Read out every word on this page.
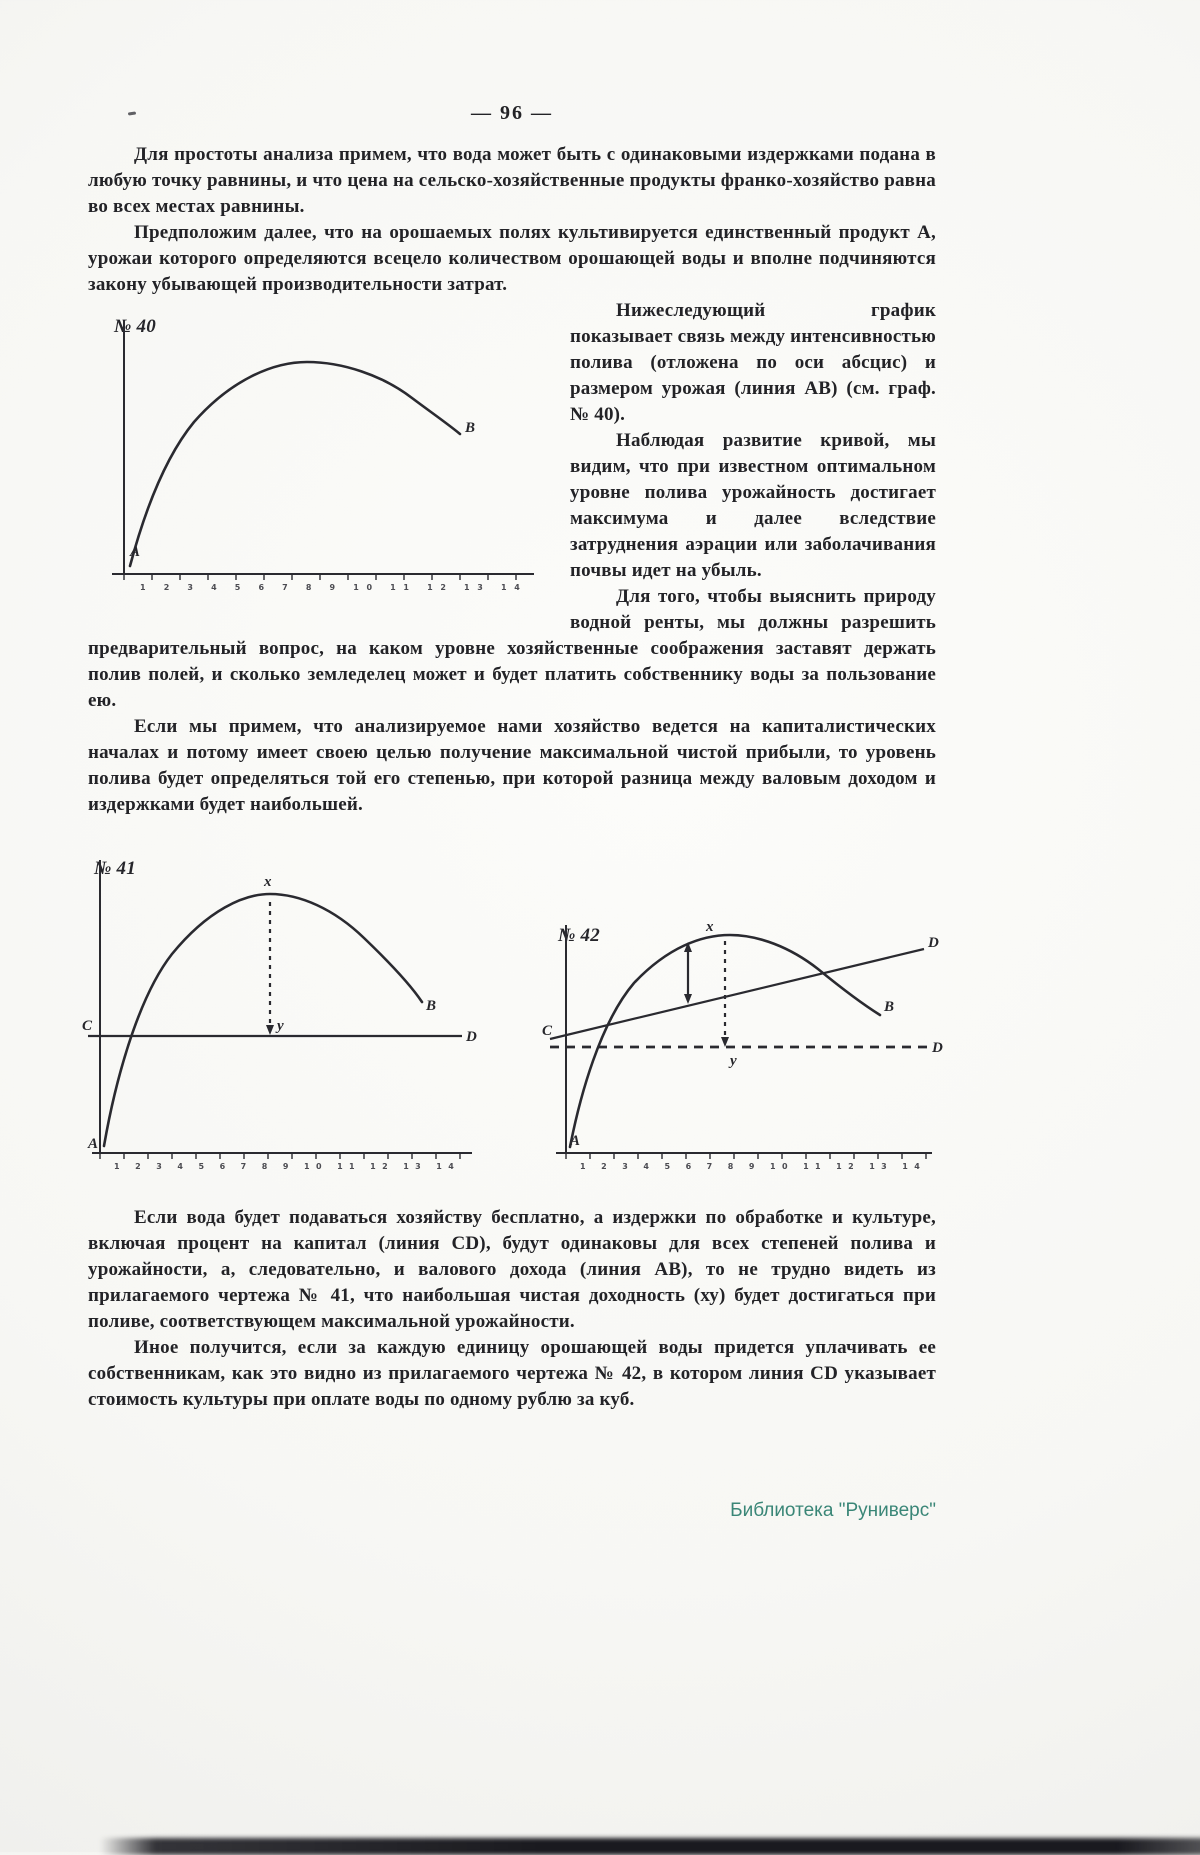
— 96 —

Для простоты анализа примем, что вода может быть с одинаковыми издержками подана в любую точку равнины, и что цена на сельско-хозяйственные продукты франко-хозяйство равна во всех местах равнины.

Предположим далее, что на орошаемых полях культивируется единственный продукт А, урожаи которого определяются всецело количеством орошающей воды и вполне подчиняются закону убывающей производительности затрат.

№ 40
1 2 3 4 5 6 7 8 9 10 11 12 13 14
А
В

Нижеследующий график показывает связь между интенсивностью полива (отложена по оси абсцис) и размером урожая (линия АВ) (см. граф. № 40).

Наблюдая развитие кривой, мы видим, что при известном оптимальном уровне полива урожайность достигает максимума и далее вследствие затруднения аэрации или заболачивания почвы идет на убыль.

Для того, чтобы выяснить природу водной ренты, мы должны разрешить предварительный вопрос, на каком уровне хозяйственные соображения заставят держать полив полей, и сколько земледелец может и будет платить собственнику воды за пользование ею.

Если мы примем, что анализируемое нами хозяйство ведется на капиталистических началах и потому имеет своею целью получение максимальной чистой прибыли, то уровень полива будет определяться той его степенью, при которой разница между валовым доходом и издержками будет наибольшей.

№ 41
1 2 3 4 5 6 7 8 9 10 11 12 13 14
х
у
С
D
В
А
№ 42
1 2 3 4 5 6 7 8 9 10 11 12 13 14
х
у
С
D
D
В
А

Если вода будет подаваться хозяйству бесплатно, а издержки по обработке и культуре, включая процент на капитал (линия CD), будут одинаковы для всех степеней полива и урожайности, а, следовательно, и валового дохода (линия АВ), то не трудно видеть из прилагаемого чертежа № 41, что наибольшая чистая доходность (ху) будет достигаться при поливе, соответствующем максимальной урожайности.

Иное получится, если за каждую единицу орошающей воды придется уплачивать ее собственникам, как это видно из прилагаемого чертежа № 42, в котором линия CD указывает стоимость культуры при оплате воды по одному рублю за куб.

Библиотека "Руниверс"
